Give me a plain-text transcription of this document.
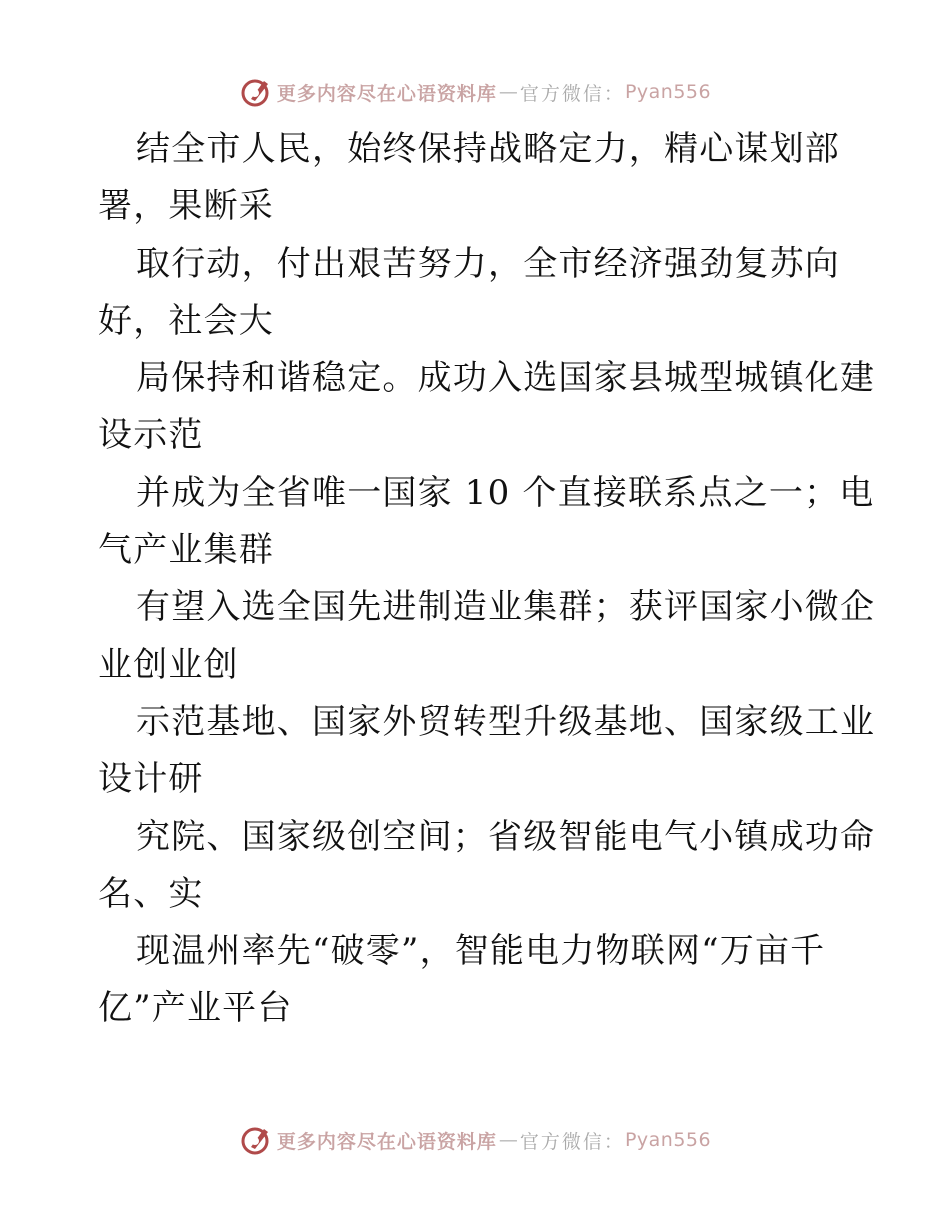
更多内容尽在心语资料库 — 官方微信： Pyan556
结全市人民，始终保持战略定力，精心谋划部
署，果断采
取行动，付出艰苦努力，全市经济强劲复苏向
好，社会大
局保持和谐稳定。成功入选国家县城型城镇化建
设示范
并成为全省唯一国家 10 个直接联系点之一；电
气产业集群
有望入选全国先进制造业集群；获评国家小微企
业创业创
示范基地、国家外贸转型升级基地、国家级工业
设计研
究院、国家级创空间；省级智能电气小镇成功命
名、实
现温州率先“破零”，智能电力物联网“万亩千
亿”产业平台
更多内容尽在心语资料库 — 官方微信： Pyan556
